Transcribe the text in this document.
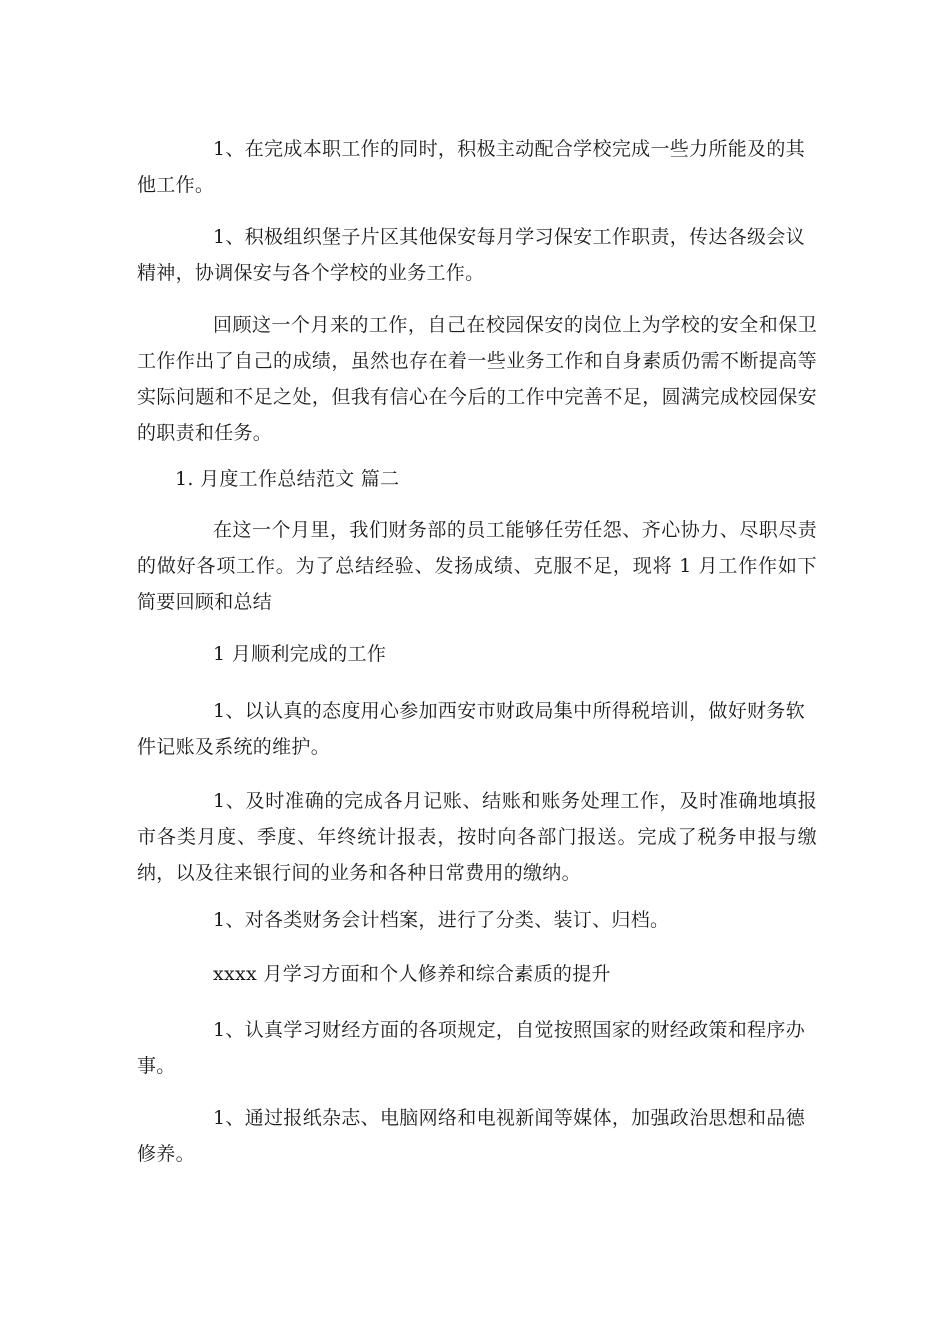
1、在完成本职工作的同时，积极主动配合学校完成一些力所能及的其他工作。

1、积极组织堡子片区其他保安每月学习保安工作职责，传达各级会议精神，协调保安与各个学校的业务工作。

回顾这一个月来的工作，自己在校园保安的岗位上为学校的安全和保卫工作作出了自己的成绩，虽然也存在着一些业务工作和自身素质仍需不断提高等实际问题和不足之处，但我有信心在今后的工作中完善不足，圆满完成校园保安的职责和任务。

1. 月度工作总结范文 篇二

在这一个月里，我们财务部的员工能够任劳任怨、齐心协力、尽职尽责的做好各项工作。为了总结经验、发扬成绩、克服不足，现将 1 月工作作如下简要回顾和总结

1 月顺利完成的工作

1、以认真的态度用心参加西安市财政局集中所得税培训，做好财务软件记账及系统的维护。

1、及时准确的完成各月记账、结账和账务处理工作，及时准确地填报市各类月度、季度、年终统计报表，按时向各部门报送。完成了税务申报与缴纳，以及往来银行间的业务和各种日常费用的缴纳。

1、对各类财务会计档案，进行了分类、装订、归档。

xxxx 月学习方面和个人修养和综合素质的提升

1、认真学习财经方面的各项规定，自觉按照国家的财经政策和程序办事。

1、通过报纸杂志、电脑网络和电视新闻等媒体，加强政治思想和品德修养。
